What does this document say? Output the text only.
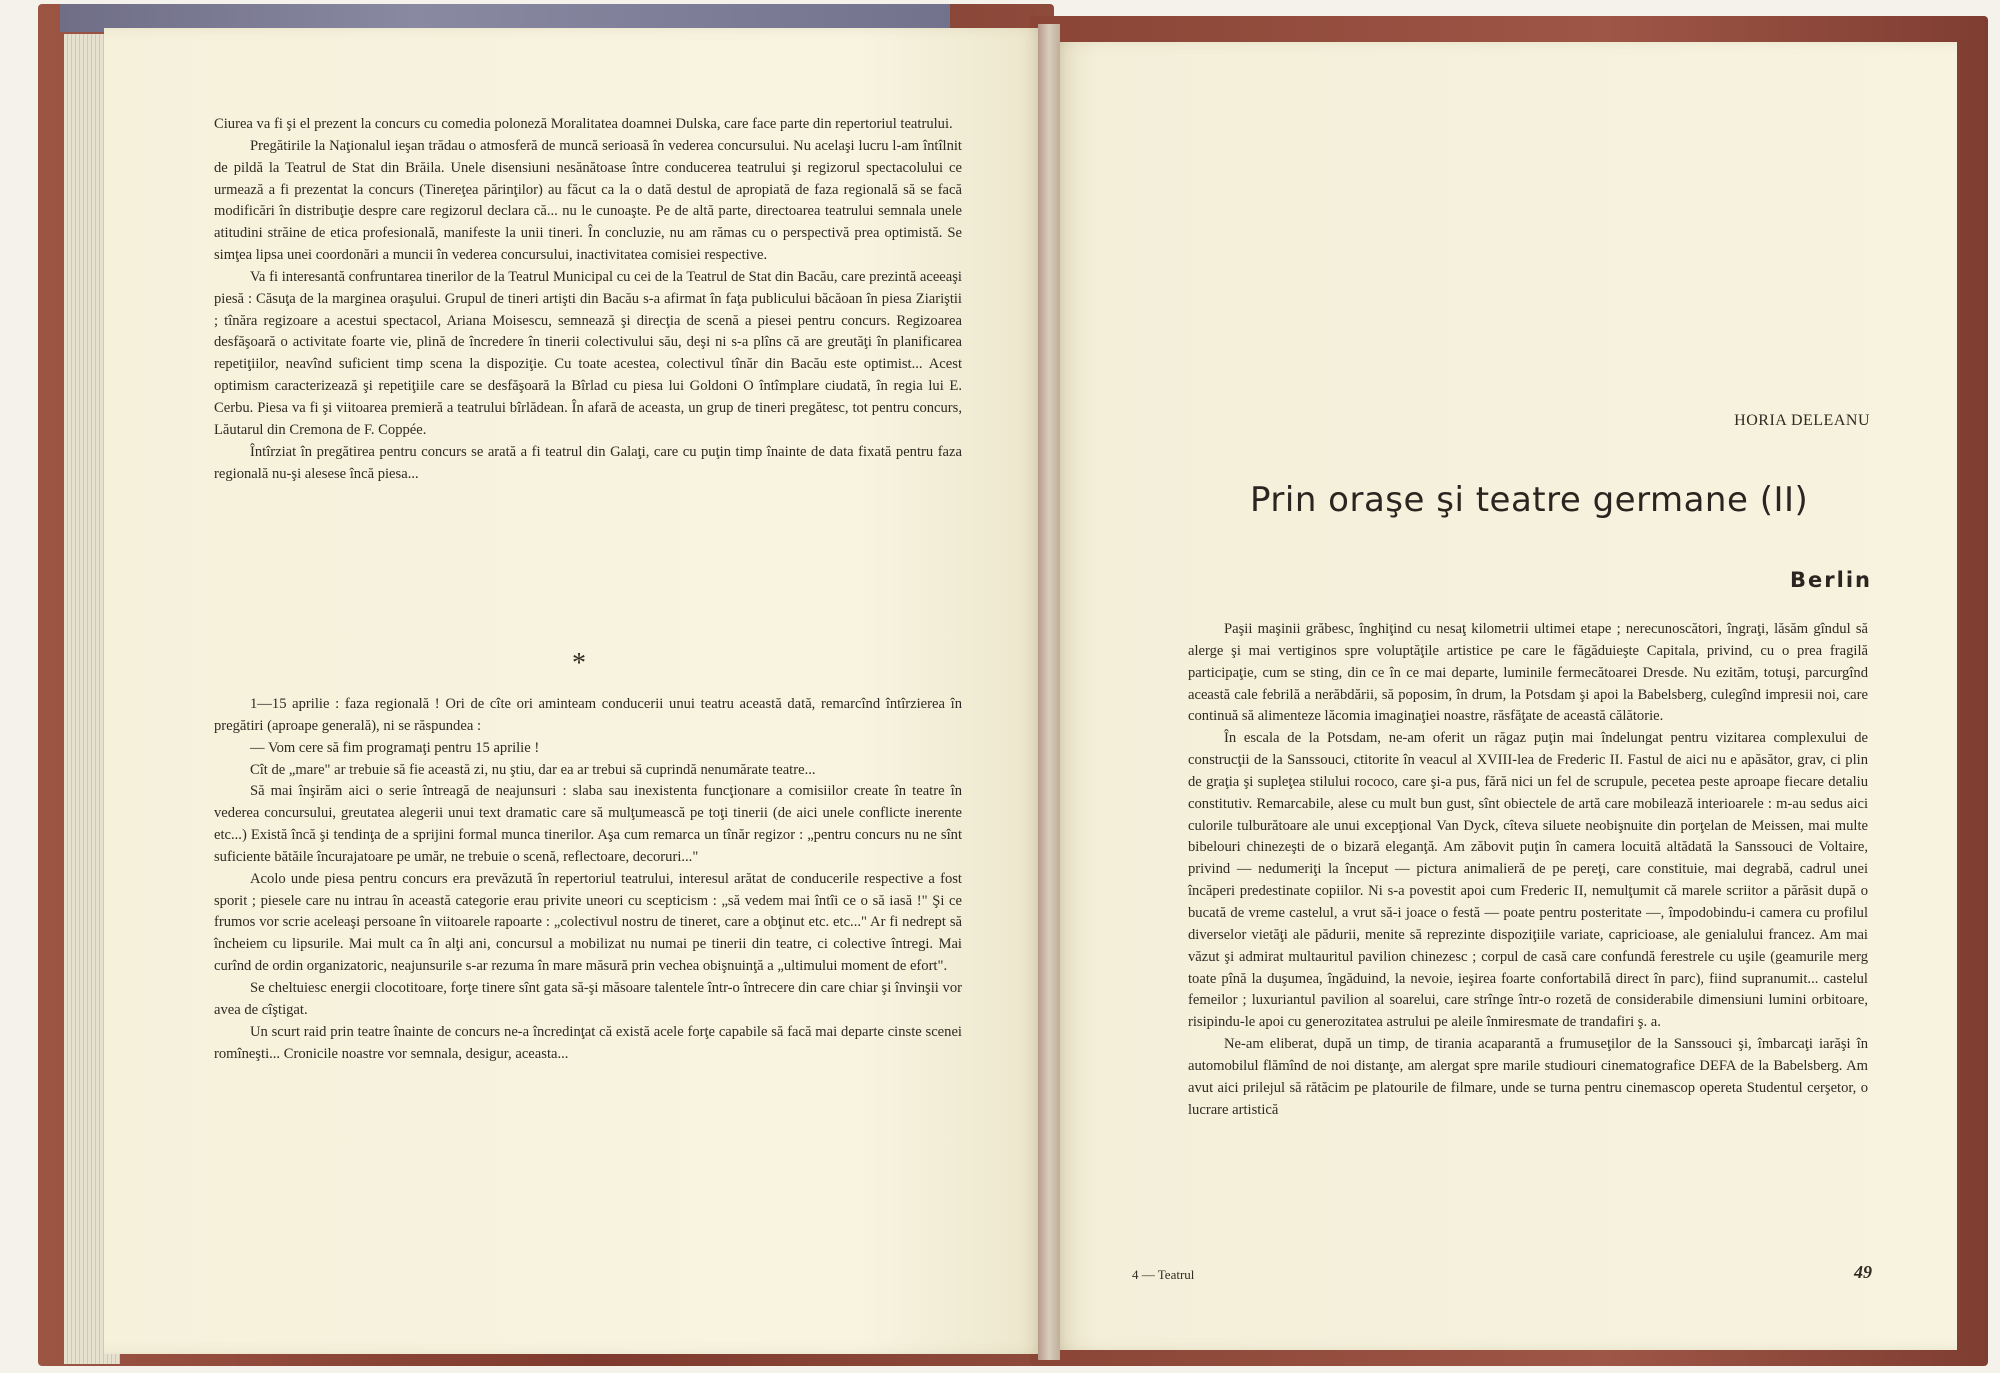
Ciurea va fi şi el prezent la concurs cu comedia poloneză Moralitatea doamnei Dulska, care face parte din repertoriul teatrului.

Pregătirile la Naţionalul ieşan trădau o atmosferă de muncă serioasă în vederea concursului. Nu acelaşi lucru l-am întîlnit de pildă la Teatrul de Stat din Brăila. Unele disensiuni nesănătoase între conducerea teatrului şi regizorul spectacolului ce urmează a fi prezentat la concurs (Tinereţea părinţilor) au făcut ca la o dată destul de apropiată de faza regională să se facă modificări în distribuţie despre care regizorul declara că... nu le cunoaşte. Pe de altă parte, directoarea teatrului semnala unele atitudini străine de etica profesională, manifeste la unii tineri. În concluzie, nu am rămas cu o perspectivă prea optimistă. Se simţea lipsa unei coordonări a muncii în vederea concursului, inactivitatea comisiei respective.

Va fi interesantă confruntarea tinerilor de la Teatrul Municipal cu cei de la Teatrul de Stat din Bacău, care prezintă aceeaşi piesă : Căsuţa de la marginea oraşului. Grupul de tineri artişti din Bacău s-a afirmat în faţa publicului băcăoan în piesa Ziariştii ; tînăra regizoare a acestui spectacol, Ariana Moisescu, semnează şi direcţia de scenă a piesei pentru concurs. Regizoarea desfăşoară o activitate foarte vie, plină de încredere în tinerii colectivului său, deşi ni s-a plîns că are greutăţi în planificarea repetiţiilor, neavînd suficient timp scena la dispoziţie. Cu toate acestea, colectivul tînăr din Bacău este optimist... Acest optimism caracterizează şi repetiţiile care se desfăşoară la Bîrlad cu piesa lui Goldoni O întîmplare ciudată, în regia lui E. Cerbu. Piesa va fi şi viitoarea premieră a teatrului bîrlădean. În afară de aceasta, un grup de tineri pregătesc, tot pentru concurs, Lăutarul din Cremona de F. Coppée.

Întîrziat în pregătirea pentru concurs se arată a fi teatrul din Galaţi, care cu puţin timp înainte de data fixată pentru faza regională nu-şi alesese încă piesa...

*

1—15 aprilie : faza regională ! Ori de cîte ori aminteam conducerii unui teatru această dată, remarcînd întîrzierea în pregătiri (aproape generală), ni se răspundea :

— Vom cere să fim programaţi pentru 15 aprilie !

Cît de „mare" ar trebuie să fie această zi, nu ştiu, dar ea ar trebui să cuprindă nenumărate teatre...

Să mai înşirăm aici o serie întreagă de neajunsuri : slaba sau inexistenta funcţionare a comisiilor create în teatre în vederea concursului, greutatea alegerii unui text dramatic care să mulţumească pe toţi tinerii (de aici unele conflicte inerente etc...) Există încă şi tendinţa de a sprijini formal munca tinerilor. Aşa cum remarca un tînăr regizor : „pentru concurs nu ne sînt suficiente bătăile încurajatoare pe umăr, ne trebuie o scenă, reflectoare, decoruri..."

Acolo unde piesa pentru concurs era prevăzută în repertoriul teatrului, interesul arătat de conducerile respective a fost sporit ; piesele care nu intrau în această categorie erau privite uneori cu scepticism : „să vedem mai întîi ce o să iasă !" Şi ce frumos vor scrie aceleaşi persoane în viitoarele rapoarte : „colectivul nostru de tineret, care a obţinut etc. etc..." Ar fi nedrept să încheiem cu lipsurile. Mai mult ca în alţi ani, concursul a mobilizat nu numai pe tinerii din teatre, ci colective întregi. Mai curînd de ordin organizatoric, neajunsurile s-ar rezuma în mare măsură prin vechea obişnuinţă a „ultimului moment de efort".

Se cheltuiesc energii clocotitoare, forţe tinere sînt gata să-şi măsoare talentele într-o întrecere din care chiar şi învinşii vor avea de cîştigat.

Un scurt raid prin teatre înainte de concurs ne-a încredinţat că există acele forţe capabile să facă mai departe cinste scenei romîneşti... Cronicile noastre vor semnala, desigur, aceasta...

HORIA DELEANU
Prin oraşe şi teatre germane (II)
Berlin

Paşii maşinii grăbesc, înghiţind cu nesaţ kilometrii ultimei etape ; nerecunoscători, îngraţi, lăsăm gîndul să alerge şi mai vertiginos spre voluptăţile artistice pe care le făgăduieşte Capitala, privind, cu o prea fragilă participaţie, cum se sting, din ce în ce mai departe, luminile fermecătoarei Dresde. Nu ezităm, totuşi, parcurgînd această cale febrilă a nerăbdării, să poposim, în drum, la Potsdam şi apoi la Babelsberg, culegînd impresii noi, care continuă să alimenteze lăcomia imaginaţiei noastre, răsfăţate de această călătorie.

În escala de la Potsdam, ne-am oferit un răgaz puţin mai îndelungat pentru vizitarea complexului de construcţii de la Sanssouci, ctitorite în veacul al XVIII-lea de Frederic II. Fastul de aici nu e apăsător, grav, ci plin de graţia şi supleţea stilului rococo, care şi-a pus, fără nici un fel de scrupule, pecetea peste aproape fiecare detaliu constitutiv. Remarcabile, alese cu mult bun gust, sînt obiectele de artă care mobilează interioarele : m-au sedus aici culorile tulburătoare ale unui excepţional Van Dyck, cîteva siluete neobişnuite din porţelan de Meissen, mai multe bibelouri chinezeşti de o bizară eleganţă. Am zăbovit puţin în camera locuită altădată la Sanssouci de Voltaire, privind — nedumeriţi la început — pictura animalieră de pe pereţi, care constituie, mai degrabă, cadrul unei încăperi predestinate copiilor. Ni s-a povestit apoi cum Frederic II, nemulţumit că marele scriitor a părăsit după o bucată de vreme castelul, a vrut să-i joace o festă — poate pentru posteritate —, împodobindu-i camera cu profilul diverselor vietăţi ale pădurii, menite să reprezinte dispoziţiile variate, capricioase, ale genialului francez. Am mai văzut şi admirat multauritul pavilion chinezesc ; corpul de casă care confundă ferestrele cu uşile (geamurile merg toate pînă la duşumea, îngăduind, la nevoie, ieşirea foarte confortabilă direct în parc), fiind supranumit... castelul femeilor ; luxuriantul pavilion al soarelui, care strînge într-o rozetă de considerabile dimensiuni lumini orbitoare, risipindu-le apoi cu generozitatea astrului pe aleile înmiresmate de trandafiri ş. a.

Ne-am eliberat, după un timp, de tirania acaparantă a frumuseţilor de la Sanssouci şi, îmbarcaţi iarăşi în automobilul flămînd de noi distanţe, am alergat spre marile studiouri cinematografice DEFA de la Babelsberg. Am avut aici prilejul să rătăcim pe platourile de filmare, unde se turna pentru cinemascop opereta Studentul cerşetor, o lucrare artistică

4 — Teatrul	49
